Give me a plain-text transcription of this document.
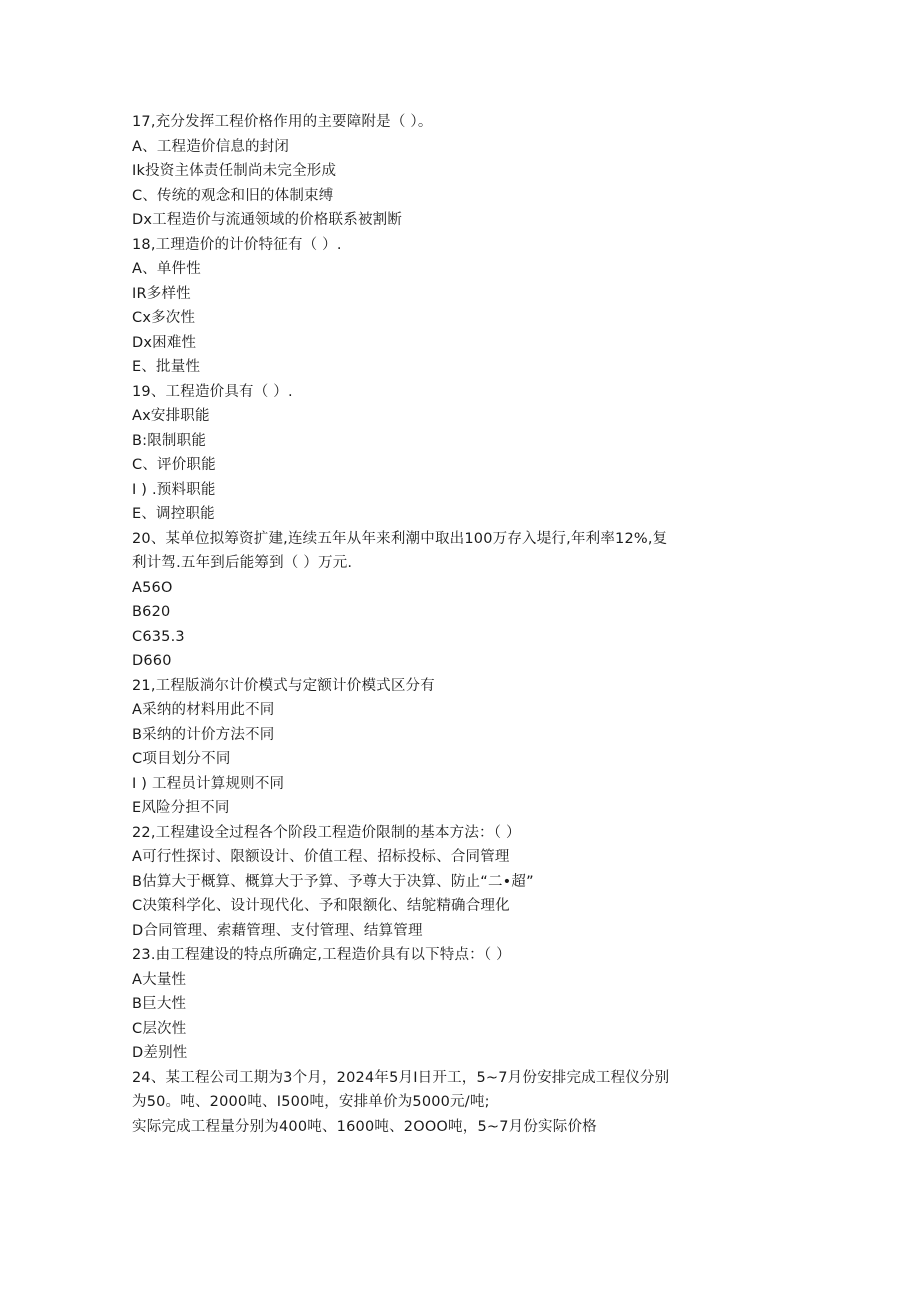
17,充分发挥工程价格作用的主要障附是（ ）。
A、工程造价信息的封闭
Ik投资主体责任制尚未完全形成
C、传统的观念和旧的体制束缚
Dx工程造价与流通领域的价格联系被割断
18,工理造价的计价特征有（ ）.
A、单件性
IR多样性
Cx多次性
Dx困难性
E、批量性
19、工程造价具有（ ）.
Ax安排职能
B:限制职能
C、评价职能
I ) .预料职能
E、调控职能
20、某单位拟筹资扩建,连续五年从年来利潮中取出100万存入堤行,年利率12%,复
利计驾.五年到后能筹到（ ）万元.
A56O
B620
C635.3
D660
21,工程版淌尔计价模式与定额计价模式区分有
A采纳的材料用此不同
B采纳的计价方法不同
C项目划分不同
I ) 工程员计算规则不同
E风险分担不同
22,工程建设全过程各个阶段工程造价限制的基本方法：（ ）
A可行性探讨、限额设计、价值工程、招标投标、合同管理
B估算大于概算、概算大于予算、予尊大于决算、防止“二•超”
C决策科学化、设计现代化、予和限额化、结鸵精确合理化
D合同管理、索藉管理、支付管理、结算管理
23.由工程建设的特点所确定,工程造价具有以下特点：（ ）
A大量性
B巨大性
C层次性
D差别性
24、某工程公司工期为3个月，2024年5月I日开工，5~7月份安排完成工程仪分别
为50。吨、2000吨、I500吨，安排单价为5000元/吨;
实际完成工程量分别为400吨、1600吨、2OOO吨，5~7月份实际价格
